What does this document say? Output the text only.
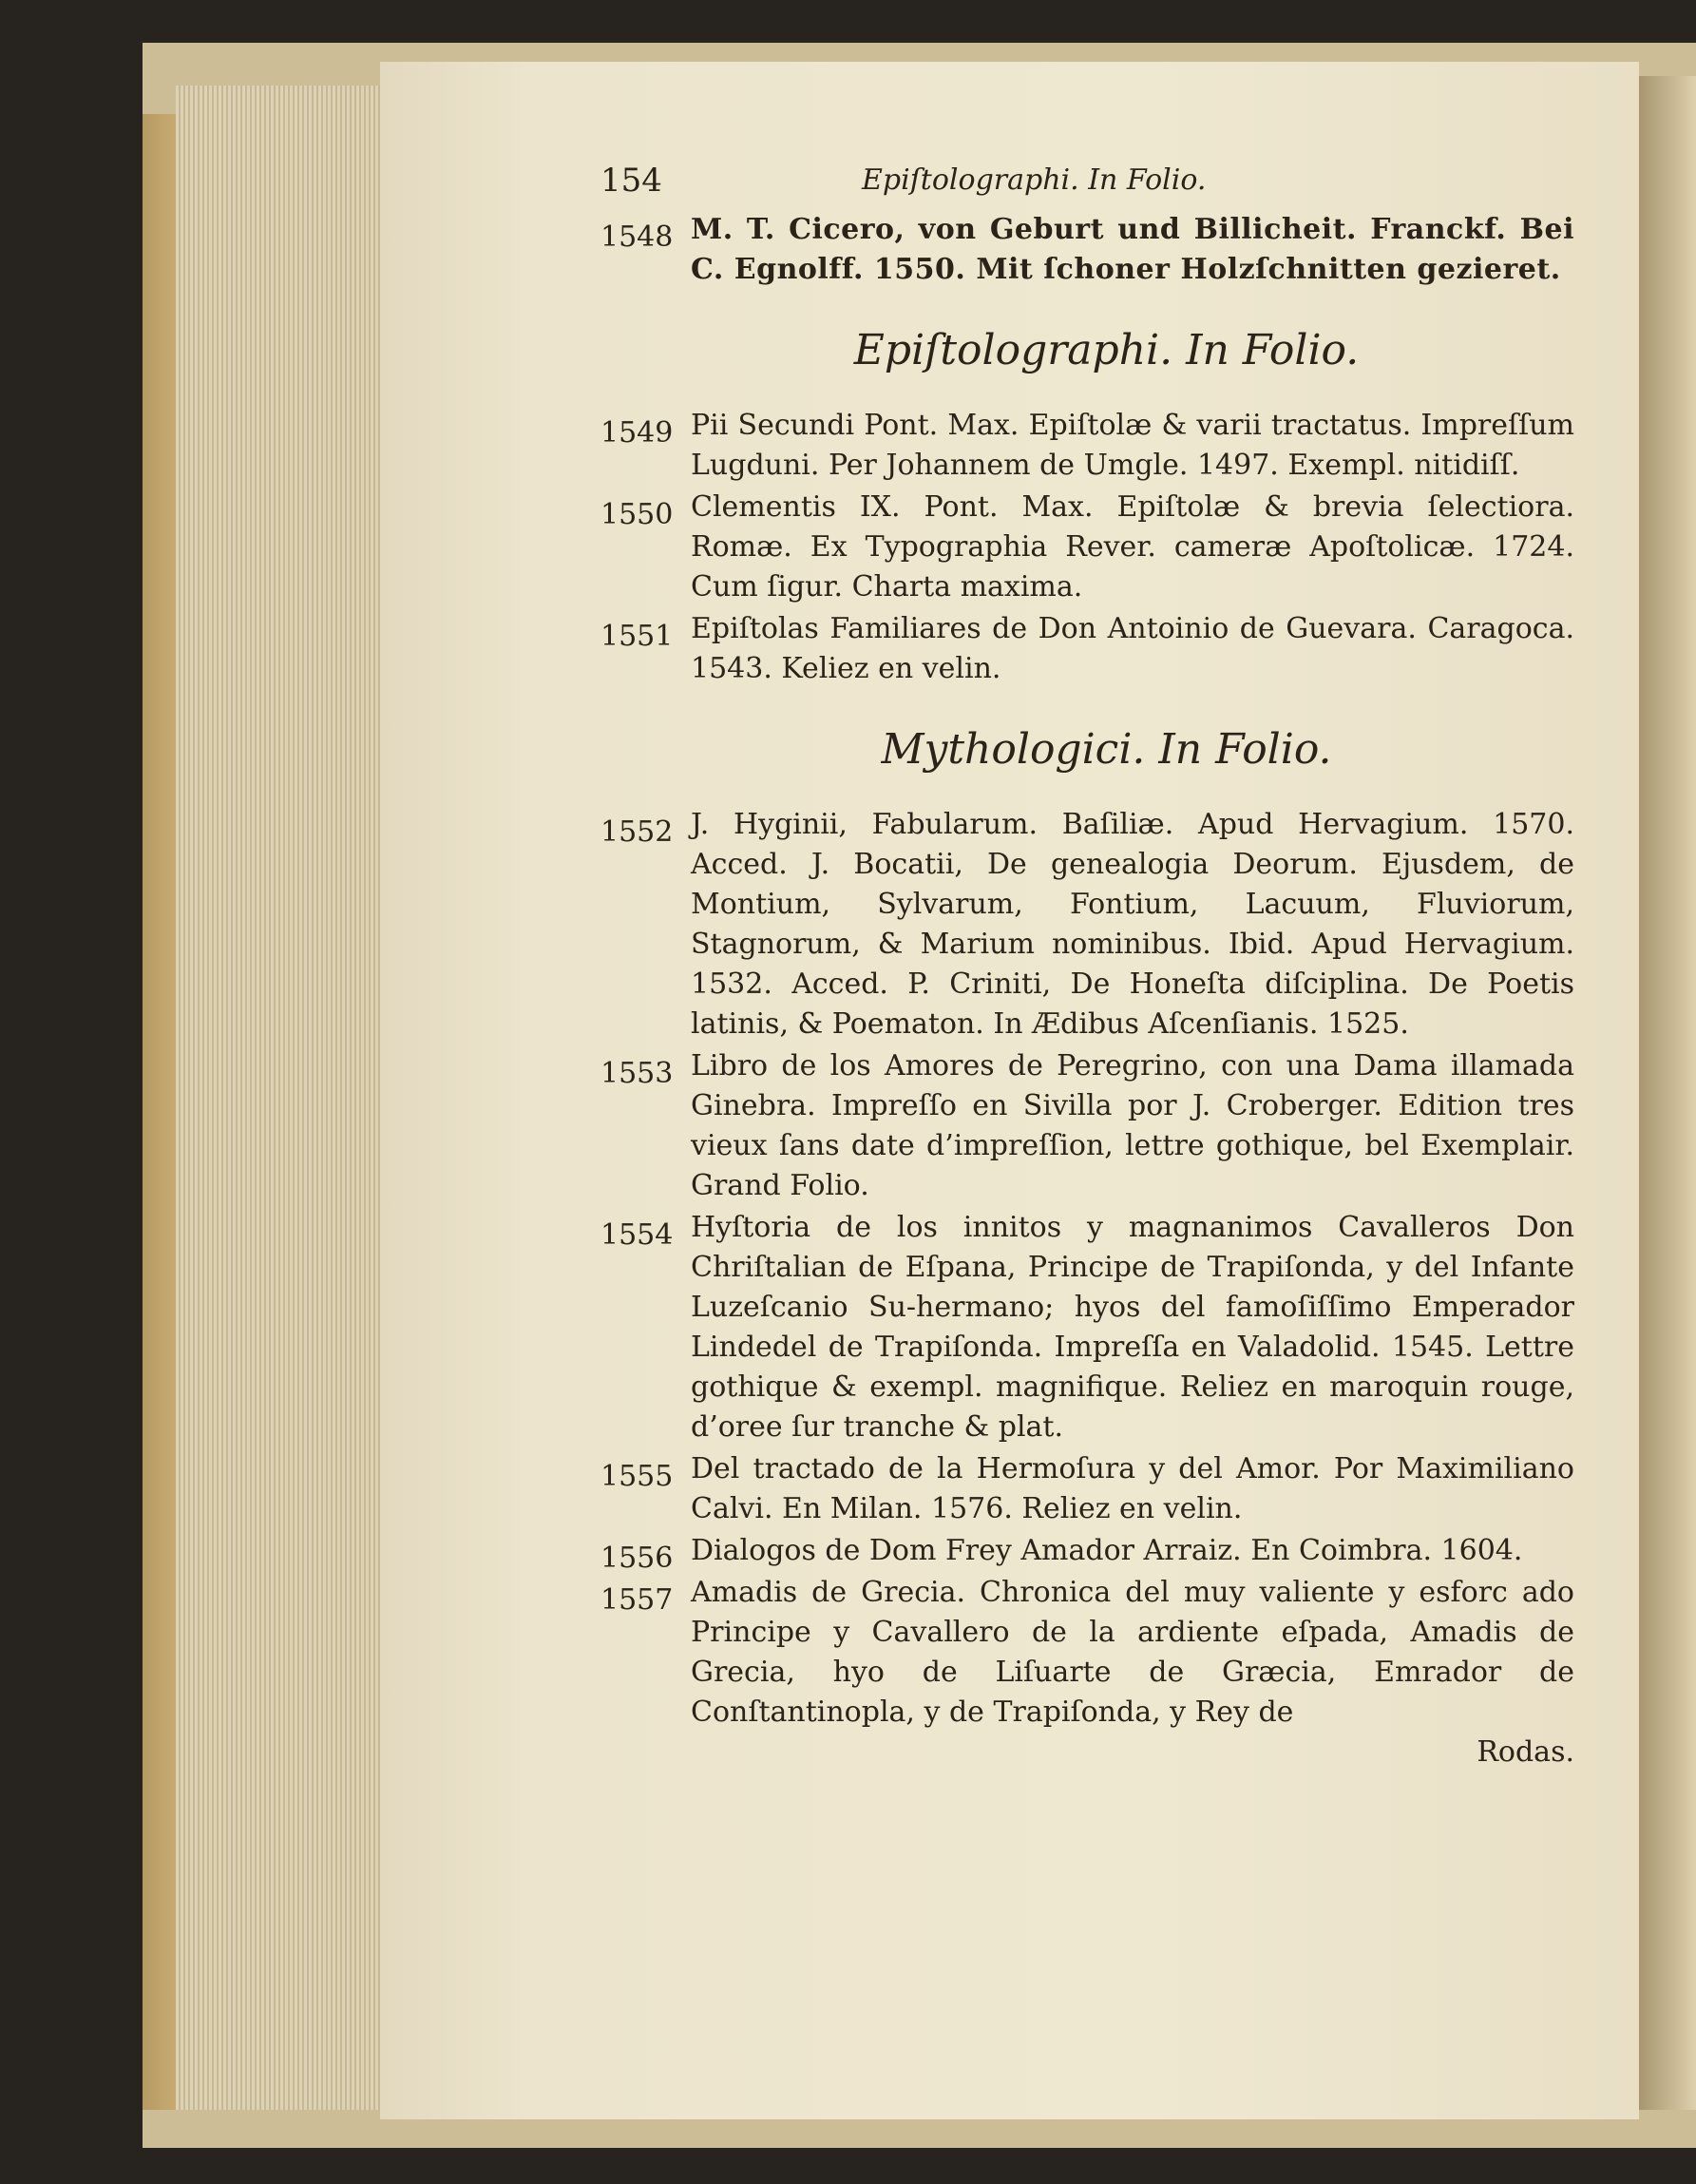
154	Epiſtolographi. In Folio.
1548 M. T. Cicero, von Geburt und Billicheit. Franckf. Bei C. Egnolff. 1550. Mit ſchoner Holzſchnitten gezieret.
Epiſtolographi. In Folio.
1549 Pii Secundi Pont. Max. Epiſtolæ & varii tractatus. Impreſſum Lugduni. Per Johannem de Umgle. 1497. Exempl. nitidiſſ.
1550 Clementis IX. Pont. Max. Epiſtolæ & brevia ſelectiora. Romæ. Ex Typographia Rever. cameræ Apoſtolicæ. 1724. Cum ſigur. Charta maxima.
1551 Epiſtolas Familiares de Don Antoinio de Guevara. Caragoca. 1543. Keliez en velin.
Mythologici. In Folio.
1552 J. Hyginii, Fabularum. Baſiliæ. Apud Hervagium. 1570. Acced. J. Bocatii, De genealogia Deorum. Ejusdem, de Montium, Sylvarum, Fontium, Lacuum, Fluviorum, Stagnorum, & Marium nominibus. Ibid. Apud Hervagium. 1532. Acced. P. Criniti, De Honeſta diſciplina. De Poetis latinis, & Poematon. In Ædibus Aſcenſianis. 1525.
1553 Libro de los Amores de Peregrino, con una Dama illamada Ginebra. Impreſſo en Sivilla por J. Croberger. Edition tres vieux ſans date d’impreſſion, lettre gothique, bel Exemplair. Grand Folio.
1554 Hyſtoria de los innitos y magnanimos Cavalleros Don Chriſtalian de Eſpana, Principe de Trapiſonda, y del Infante Luzeſcanio Su-hermano; hyos del famoſiſſimo Emperador Lindedel de Trapiſonda. Impreſſa en Valadolid. 1545. Lettre gothique & exempl. magnifique. Reliez en maroquin rouge, d’oree ſur tranche & plat.
1555 Del tractado de la Hermoſura y del Amor. Por Maximiliano Calvi. En Milan. 1576. Reliez en velin.
1556 Dialogos de Dom Frey Amador Arraiz. En Coimbra. 1604.
1557 Amadis de Grecia. Chronica del muy valiente y esforc ado Principe y Cavallero de la ardiente eſpada, Amadis de Grecia, hyo de Liſuarte de Græcia, Emrador de Conſtantinopla, y de Trapiſonda, y Rey de
Rodas.
